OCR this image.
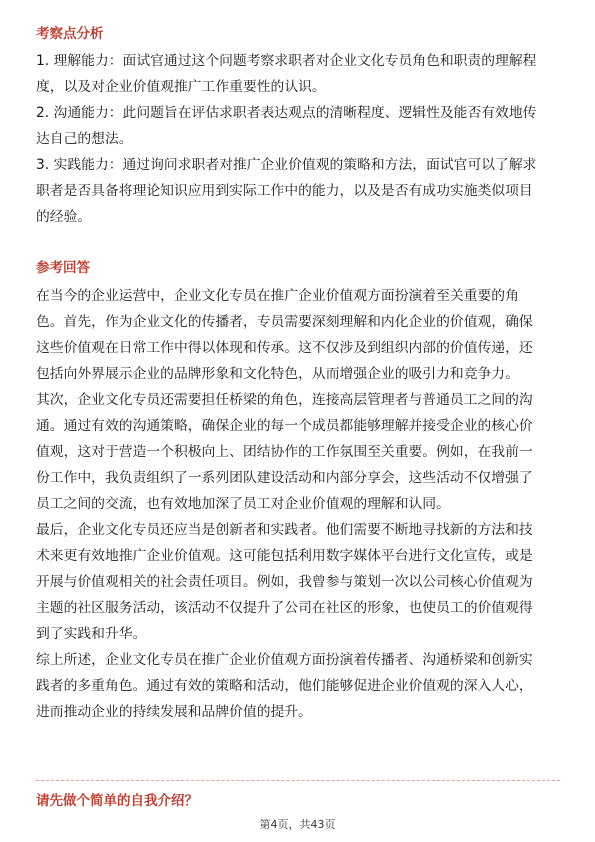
考察点分析
1. 理解能力：面试官通过这个问题考察求职者对企业文化专员角色和职责的理解程
度，以及对企业价值观推广工作重要性的认识。
2. 沟通能力：此问题旨在评估求职者表达观点的清晰程度、逻辑性及能否有效地传
达自己的想法。
3. 实践能力：通过询问求职者对推广企业价值观的策略和方法，面试官可以了解求
职者是否具备将理论知识应用到实际工作中的能力，以及是否有成功实施类似项目
的经验。
参考回答
在当今的企业运营中，企业文化专员在推广企业价值观方面扮演着至关重要的角
色。首先，作为企业文化的传播者，专员需要深刻理解和内化企业的价值观，确保
这些价值观在日常工作中得以体现和传承。这不仅涉及到组织内部的价值传递，还
包括向外界展示企业的品牌形象和文化特色，从而增强企业的吸引力和竞争力。
其次，企业文化专员还需要担任桥梁的角色，连接高层管理者与普通员工之间的沟
通。通过有效的沟通策略，确保企业的每一个成员都能够理解并接受企业的核心价
值观，这对于营造一个积极向上、团结协作的工作氛围至关重要。例如，在我前一
份工作中，我负责组织了一系列团队建设活动和内部分享会，这些活动不仅增强了
员工之间的交流，也有效地加深了员工对企业价值观的理解和认同。
最后，企业文化专员还应当是创新者和实践者。他们需要不断地寻找新的方法和技
术来更有效地推广企业价值观。这可能包括利用数字媒体平台进行文化宣传，或是
开展与价值观相关的社会责任项目。例如，我曾参与策划一次以公司核心价值观为
主题的社区服务活动，该活动不仅提升了公司在社区的形象，也使员工的价值观得
到了实践和升华。
综上所述，企业文化专员在推广企业价值观方面扮演着传播者、沟通桥梁和创新实
践者的多重角色。通过有效的策略和活动，他们能够促进企业价值观的深入人心，
进而推动企业的持续发展和品牌价值的提升。
请先做个简单的自我介绍？
第4页，共43页
